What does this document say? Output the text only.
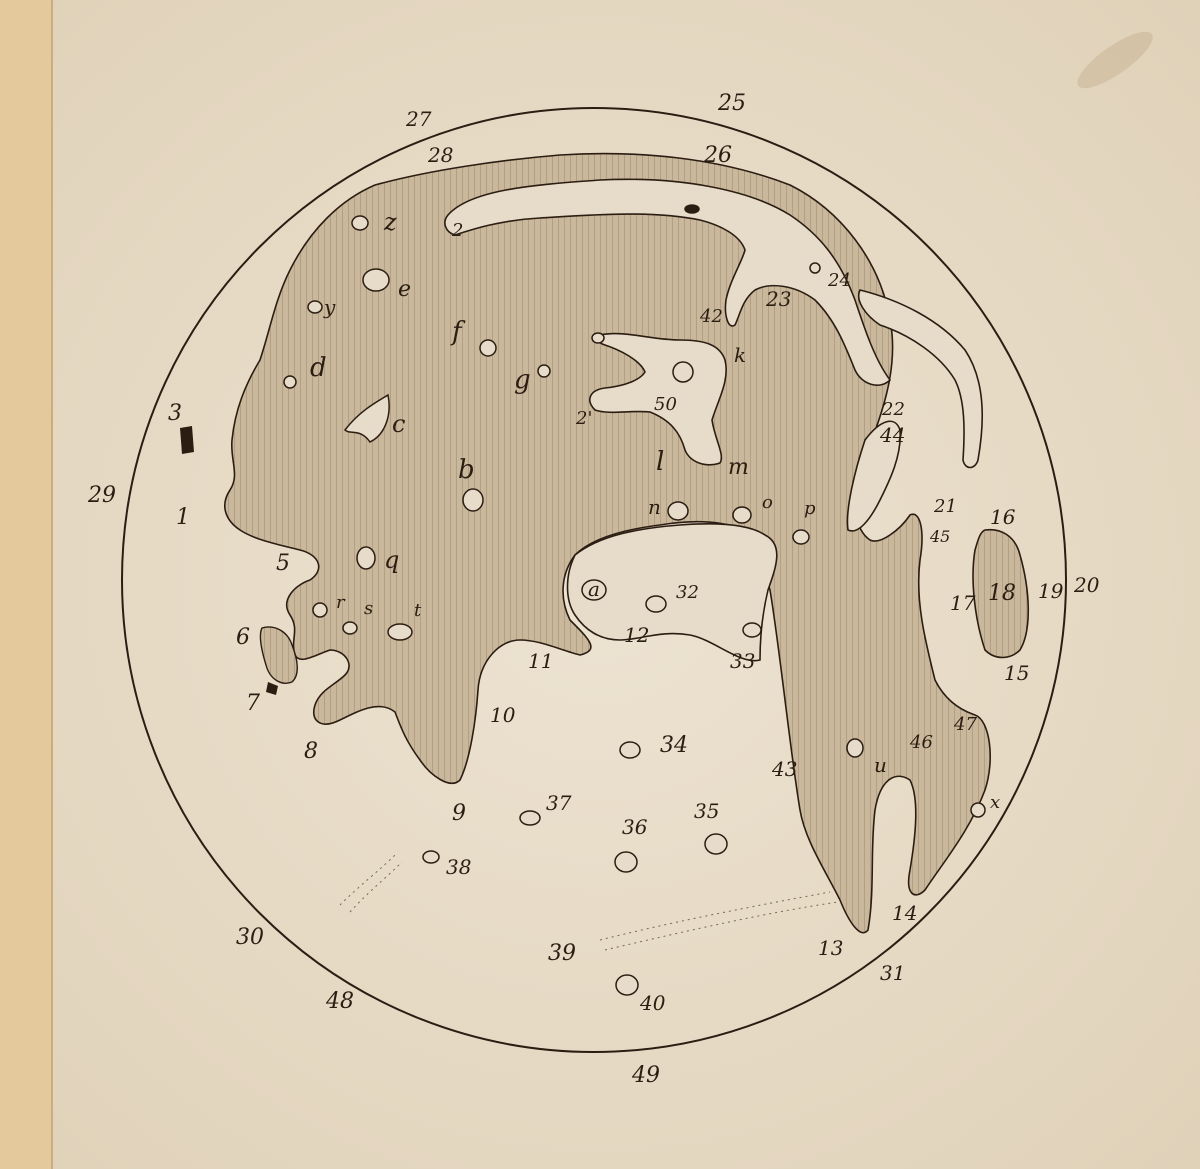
1
3
5
6
7
8
9
10
11
12
13
14
15
16
17 18 19 20
21
22
23
24
25
26
27
28
29
30
31
32
33
34
35
36
37
38
39
40
42
43
44
45
46
47
48
49
50
a
b
c
d
e
f
g
k
l	m
n	o p
q
r s t
u
x
y
z	2
2'
